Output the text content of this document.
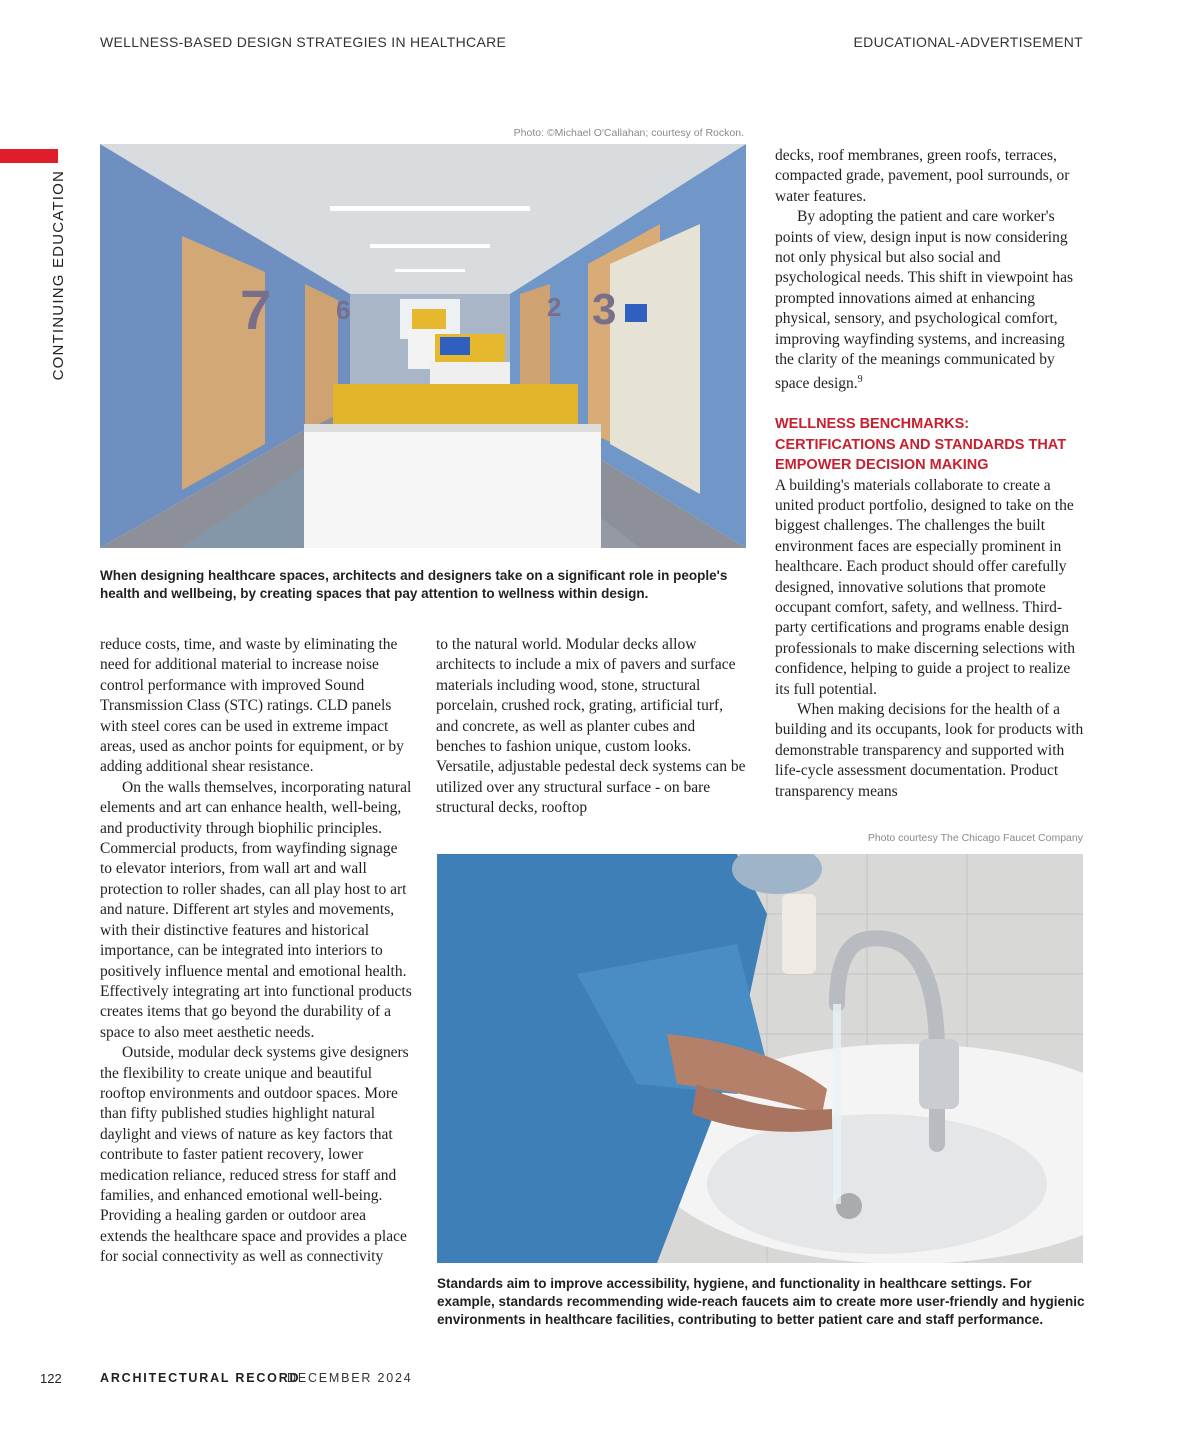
WELLNESS-BASED DESIGN STRATEGIES IN HEALTHCARE	EDUCATIONAL-ADVERTISEMENT
CONTINUING EDUCATION
Photo: ©Michael O'Callahan; courtesy of Rockon.
7 6	2 3
When designing healthcare spaces, architects and designers take on a significant role in people's health and wellbeing, by creating spaces that pay attention to wellness within design.

reduce costs, time, and waste by eliminating the need for additional material to increase noise control performance with improved Sound Transmission Class (STC) ratings. CLD panels with steel cores can be used in extreme impact areas, used as anchor points for equipment, or by adding additional shear resistance.

On the walls themselves, incorporating natural elements and art can enhance health, well-being, and productivity through biophilic principles. Commercial products, from wayfinding signage to elevator interiors, from wall art and wall protection to roller shades, can all play host to art and nature. Different art styles and movements, with their distinctive features and historical importance, can be integrated into interiors to positively influence mental and emotional health. Effectively integrating art into functional products creates items that go beyond the durability of a space to also meet aesthetic needs.

Outside, modular deck systems give designers the flexibility to create unique and beautiful rooftop environments and outdoor spaces. More than fifty published studies highlight natural daylight and views of nature as key factors that contribute to faster patient recovery, lower medication reliance, reduced stress for staff and families, and enhanced emotional well-being. Providing a healing garden or outdoor area extends the healthcare space and provides a place for social connectivity as well as connectivity

to the natural world. Modular decks allow architects to include a mix of pavers and surface materials including wood, stone, structural porcelain, crushed rock, grating, artificial turf, and concrete, as well as planter cubes and benches to fashion unique, custom looks. Versatile, adjustable pedestal deck systems can be utilized over any structural surface - on bare structural decks, rooftop

decks, roof membranes, green roofs, terraces, compacted grade, pavement, pool surrounds, or water features.

By adopting the patient and care worker's points of view, design input is now considering not only physical but also social and psychological needs. This shift in viewpoint has prompted innovations aimed at enhancing physical, sensory, and psychological comfort, improving wayfinding systems, and increasing the clarity of the meanings communicated by space design.$^9$

WELLNESS BENCHMARKS: CERTIFICATIONS AND STANDARDS THAT EMPOWER DECISION MAKING

A building's materials collaborate to create a united product portfolio, designed to take on the biggest challenges. The challenges the built environment faces are especially prominent in healthcare. Each product should offer carefully designed, innovative solutions that promote occupant comfort, safety, and wellness. Third-party certifications and programs enable design professionals to make discerning selections with confidence, helping to guide a project to realize its full potential.

When making decisions for the health of a building and its occupants, look for products with demonstrable transparency and supported with life-cycle assessment documentation. Product transparency means

Photo courtesy The Chicago Faucet Company
Standards aim to improve accessibility, hygiene, and functionality in healthcare settings. For example, standards recommending wide-reach faucets aim to create more user-friendly and hygienic environments in healthcare facilities, contributing to better patient care and staff performance.
122	ARCHITECTURAL RECORD
DECEMBER 2024
